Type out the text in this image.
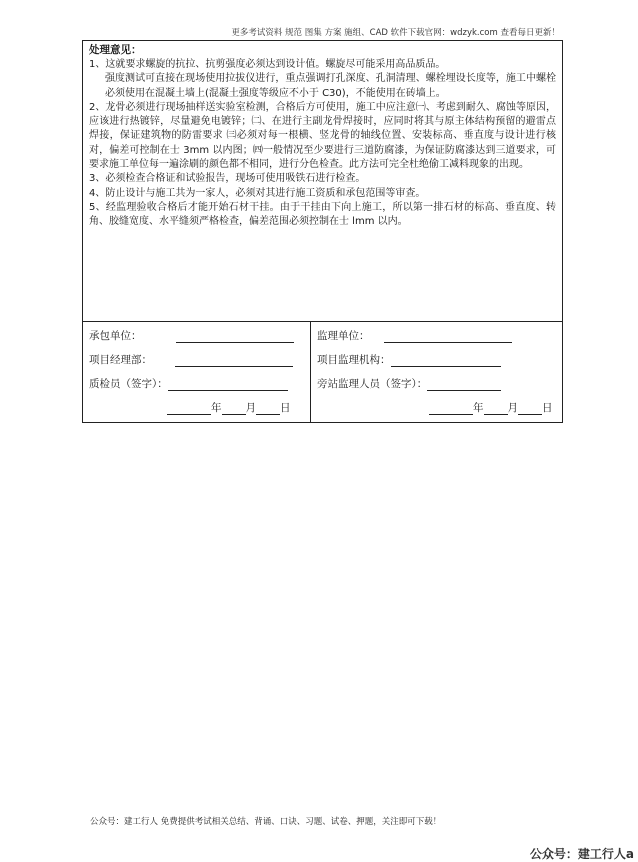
更多考试资料 规范 图集 方案 施组、CAD 软件下载官网：wdzyk.com 查看每日更新！
处理意见：
1、这就要求螺旋的抗拉、抗剪强度必须达到设计值。螺旋尽可能采用高品质品。
强度测试可直接在现场使用拉拔仪进行，重点强调打孔深度、孔洞清理、螺栓埋设长度等，施工中螺栓必须使用在混凝土墙上(混凝土强度等级应不小于 C30)，不能使用在砖墙上。
2、龙骨必须进行现场抽样送实验室检测，合格后方可使用，施工中应注意㈠、考虑到耐久、腐蚀等原因，应该进行热镀锌，尽量避免电镀锌；㈡、在进行主副龙骨焊接时，应同时将其与原主体结构预留的避雷点焊接，保证建筑物的防雷要求 ㈢必须对每一根横、竖龙骨的轴线位置、安装标高、垂直度与设计进行核对，偏差可控制在士 3mm 以内图；㈣一般情况至少要进行三道防腐漆，为保证防腐漆达到三道要求，可要求施工单位每一遍涂刷的颜色都不相同，进行分色检查。此方法可完全杜绝偷工减料现象的出现。
3、必须检查合格证和试验报告，现场可使用吸铁石进行检查。
4、防止设计与施工共为一家人，必须对其进行施工资质和承包范围等审查。
5、经监理验收合格后才能开始石材干挂。由于干挂由下向上施工，所以第一排石材的标高、垂直度、转角、胶缝宽度、水平缝须严格检查，偏差范围必须控制在士 lmm 以内。
承包单位：
项目经理部：
质检员（签字）：
年 月 日
监理单位：
项目监理机构：
旁站监理人员（签字）：
年 月 日
公众号：建工行人 免费提供考试相关总结、背诵、口诀、习题、试卷、押题，关注即可下载！
公众号：建工行人a
